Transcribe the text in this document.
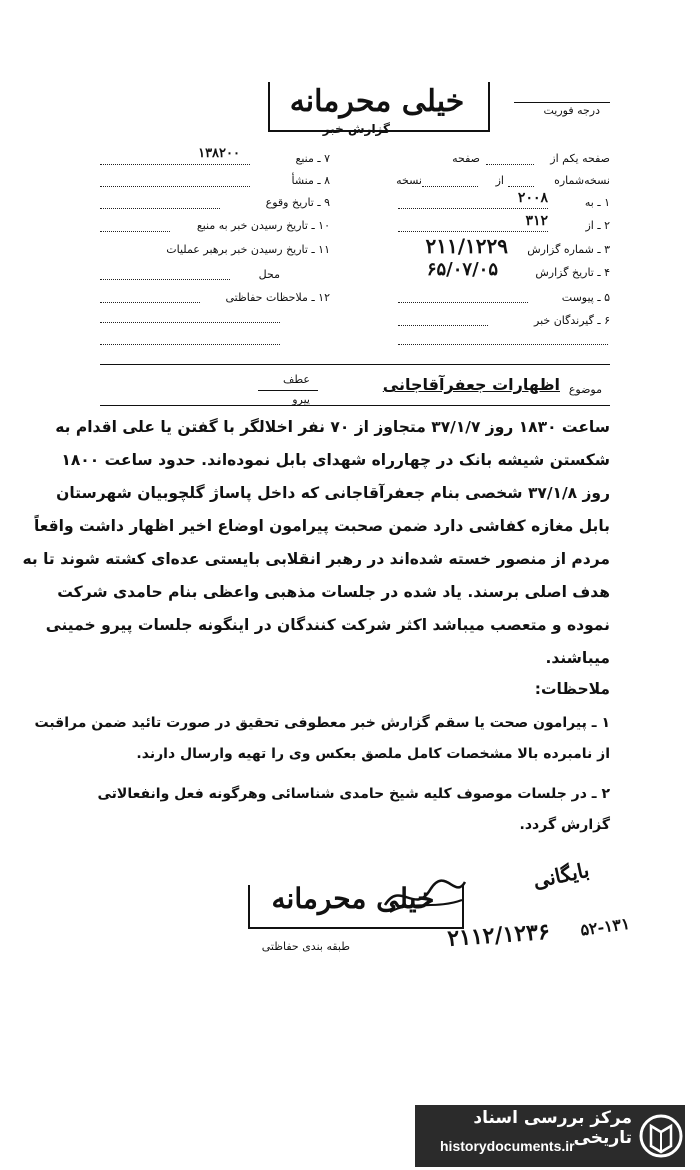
خیلی محرمانه
گزارش خبر
درجه فوریت
۷ ـ منبع
۱۳۸۲۰۰
۸ ـ منشأ
۹ ـ تاریخ وقوع
۱۰ ـ تاریخ رسیدن خبر به منبع
۱۱ ـ تاریخ رسیدن خبر برهبر عملیات
محل
۱۲ ـ ملاحظات حفاظتی
صفحه یکم از
صفحه
نسخه‌شماره
از
نسخه
۱ ـ به
۲۰۰۸
۲ ـ از
۳۱۲
۳ ـ شماره گزارش
۲۱۱/۱۲۲۹
۴ ـ تاریخ گزارش
۶۵/۰۷/۰۵
۵ ـ پیوست
۶ ـ گیرندگان خبر
عطف
پیرو
موضوع
اظهارات جعفرآقاجانی
ساعت ۱۸۳۰ روز ۳۷/۱/۷ متجاوز از ۷۰ نفر اخلالگر با گفتن یا علی اقدام به
شکستن شیشه بانک در چهارراه شهدای بابل نموده‌اند. حدود ساعت ۱۸۰۰
روز ۳۷/۱/۸ شخصی بنام جعفرآقاجانی که داخل پاساژ گلچوبیان شهرستان
بابل مغازه کفاشی دارد ضمن صحبت پیرامون اوضاع اخیر اظهار داشت واقعاً
مردم از منصور خسته شده‌اند در رهبر انقلابی بایستی عده‌ای کشته شوند تا به
هدف اصلی برسند. یاد شده در جلسات مذهبی واعظی بنام حامدی شرکت
نموده و متعصب میباشد اکثر شرکت کنندگان در اینگونه جلسات پیرو خمینی
میباشند.
ملاحظات:
۱ ـ پیرامون صحت یا سقم گزارش خبر معطوفی تحقیق در صورت تائید ضمن مراقبت
از نامبرده بالا مشخصات کامل ملصق بعکس وی را تهیه وارسال دارند.
۲ ـ در جلسات موصوف کلیه شیخ حامدی شناسائی وهرگونه فعل وانفعالاتی
گزارش گردد.
بایگانی
خیلی محرمانه
طبقه بندی حفاظتی	۲۱۱۲/۱۲۳۶	۵۲-۱۳۱
مرکز بررسی اسناد تاریخی
historydocuments.ir
